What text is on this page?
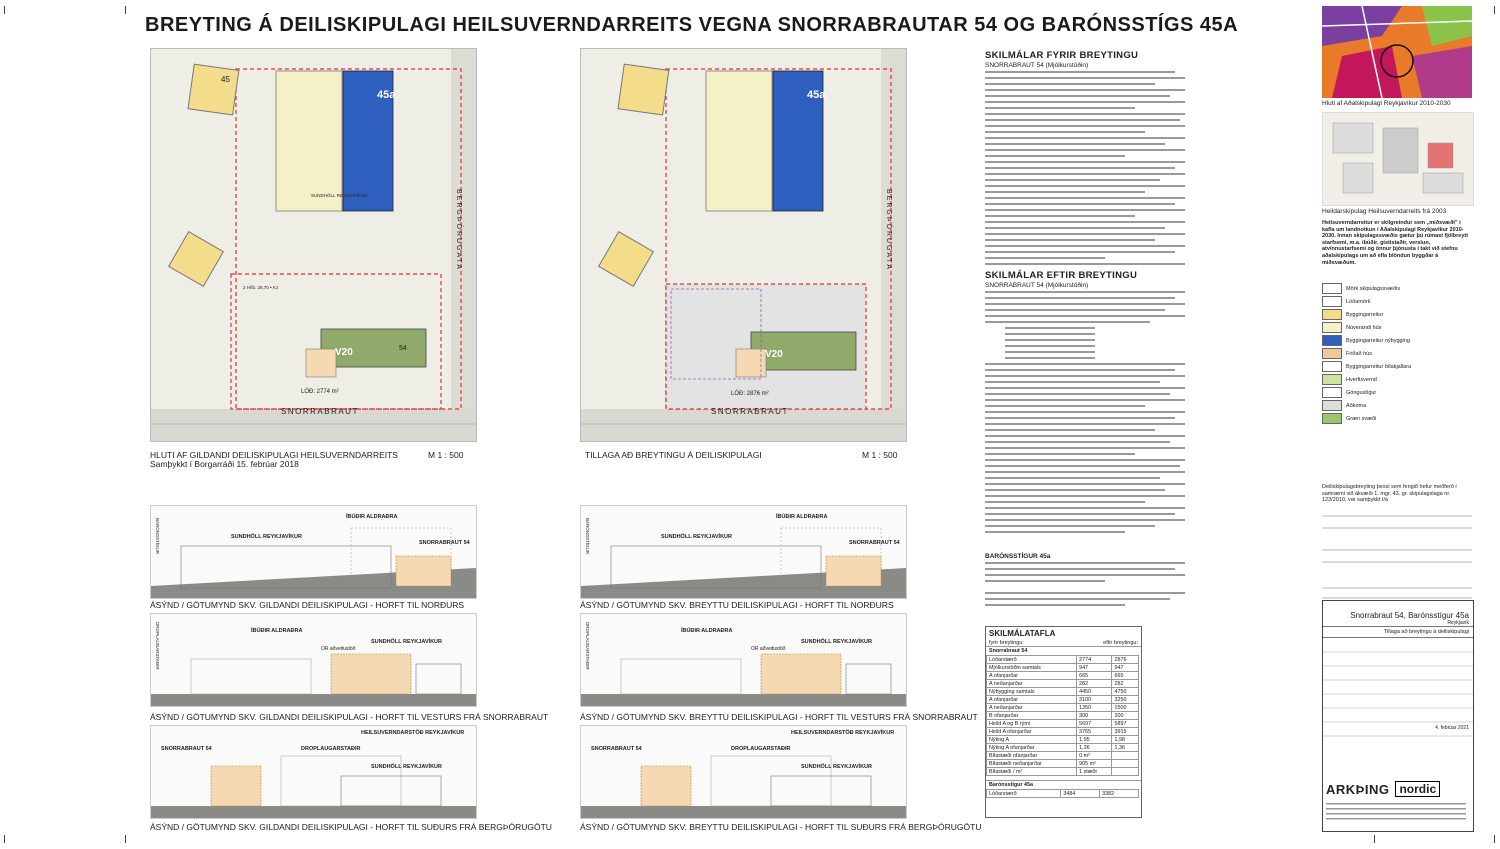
BREYTING Á DEILISKIPULAGI HEILSUVERNDARREITS VEGNA SNORRABRAUTAR 54 OG BARÓNSSTÍGS 45A
SUNDHÖLL REYKJAVÍKUR
2 H/Íb. 28,70 • KJ
45a
45
V20	54
LÓÐ: 2774 m²
SNORRABRAUT
BERGÞÓRUGATA
HLUTI AF GILDANDI DEILISKIPULAGI HEILSUVERNDARREITS
Samþykkt í Borgarráði 15. febrúar 2018
M 1 : 500
45a
V20
LÓÐ: 2876 m²
SNORRABRAUT
BERGÞÓRUGATA
TILLAGA AÐ BREYTINGU Á DEILISKIPULAGI	M 1 : 500
SUNDHÖLL REYKJAVÍKUR
SNORRABRAUT 54
ÍBÚÐIR ALDRAÐRA
BARÓNSSTÍGUR
ÁSÝND / GÖTUMYND SKV. GILDANDI DEILISKIPULAGI - HORFT TIL NORÐURS
SUNDHÖLL REYKJAVÍKUR
SNORRABRAUT 54
ÍBÚÐIR ALDRAÐRA
BARÓNSSTÍGUR
ÁSÝND / GÖTUMYND SKV. BREYTTU DEILISKIPULAGI - HORFT TIL NORÐURS
SUNDHÖLL REYKJAVÍKUR
OR aðveitustöð
ÍBÚÐIR ALDRAÐRA
DROPLAUGARSTAÐIR
ÁSÝND / GÖTUMYND SKV. GILDANDI DEILISKIPULAGI - HORFT TIL VESTURS FRÁ SNORRABRAUT
SUNDHÖLL REYKJAVÍKUR
OR aðveitustöð
ÍBÚÐIR ALDRAÐRA
DROPLAUGARSTAÐIR
ÁSÝND / GÖTUMYND SKV. BREYTTU DEILISKIPULAGI - HORFT TIL VESTURS FRÁ SNORRABRAUT
SUNDHÖLL REYKJAVÍKUR
SNORRABRAUT 54	DROPLAUGARSTAÐIR
HEILSUVERNDARSTÖÐ REYKJAVÍKUR
ÁSÝND / GÖTUMYND SKV. GILDANDI DEILISKIPULAGI - HORFT TIL SUÐURS FRÁ BERGÞÓRUGÖTU
SUNDHÖLL REYKJAVÍKUR
SNORRABRAUT 54	DROPLAUGARSTAÐIR
HEILSUVERNDARSTÖÐ REYKJAVÍKUR
ÁSÝND / GÖTUMYND SKV. BREYTTU DEILISKIPULAGI - HORFT TIL SUÐURS FRÁ BERGÞÓRUGÖTU
SKILMÁLAR FYRIR BREYTINGU
SNORRABRAUT 54 (Mjólkurstöðin)
SKILMÁLAR EFTIR BREYTINGU
SNORRABRAUT 54 (Mjólkurstöðin)
BARÓNSSTÍGUR 45a
SKILMÁLATAFLA
fyrir breytingu:	eftir breytingu:
Snorrabraut 54
Lóðarstærð	2774	2876
Mjólkurstöðin samtals	947	947
A ofanjarðar	665	665
A neðanjarðar	282	282
Nýbygging samtals	4450	4750
A ofanjarðar	3100	3250
A neðanjarðar	1350	1500
B ofanjarðar	300	200
Heild A og B rými	5697	5897
Heild A ofanjarðar	3765	3915
Nýting A	1,95	1,98
Nýting A ofanjarðar	1,36	1,36
Bílastæði ofanjarðar	0 m²	
Bílastæði neðanjarðar	905 m²	
Bílastæði / m²	1 stæði	
Barónsstígur 45a
Lóðarstærð	3484	3382
Hluti af Aðalskipulagi Reykjavíkur 2010-2030
Heildarskipulag Heilsuverndarreits frá 2003
Heilsuverndarreitur er skilgreindur sem „miðsvæði" í kafla um landnotkun í Aðalskipulagi Reykjavíkur 2010-2030. Innan skipulagssvæðis gætur þú rúmast fjölbreytt starfsemi, m.a. íbúðir, gististaðir, verslun, atvinnustarfsemi og önnur þjónusta í takt við stefnu aðalskipulags um að efla blöndun byggðar á miðsvæðum.
Mörk skipulagssvæðis
Lóðamörk
Byggingarreitur
Núverandi hús
Byggingarreitur nýbygging
Friðað hús
Byggingarreitur bílakjallara
Hverfisvernd
Göngustígur
Aðkoma
Græn svæði
Deiliskipulagsbreyting þessi sem fengið hefur meðferð í samræmi við ákvæði 1. mgr. 43. gr. skipulagslaga nr. 123/2010, var samþykkt í/á
Snorrabraut 54, Barónsstígur 45a
Reykjavík
Tillaga að breytingu á deiliskipulagi
4. febrúar 2021
ARKÞING nordic
